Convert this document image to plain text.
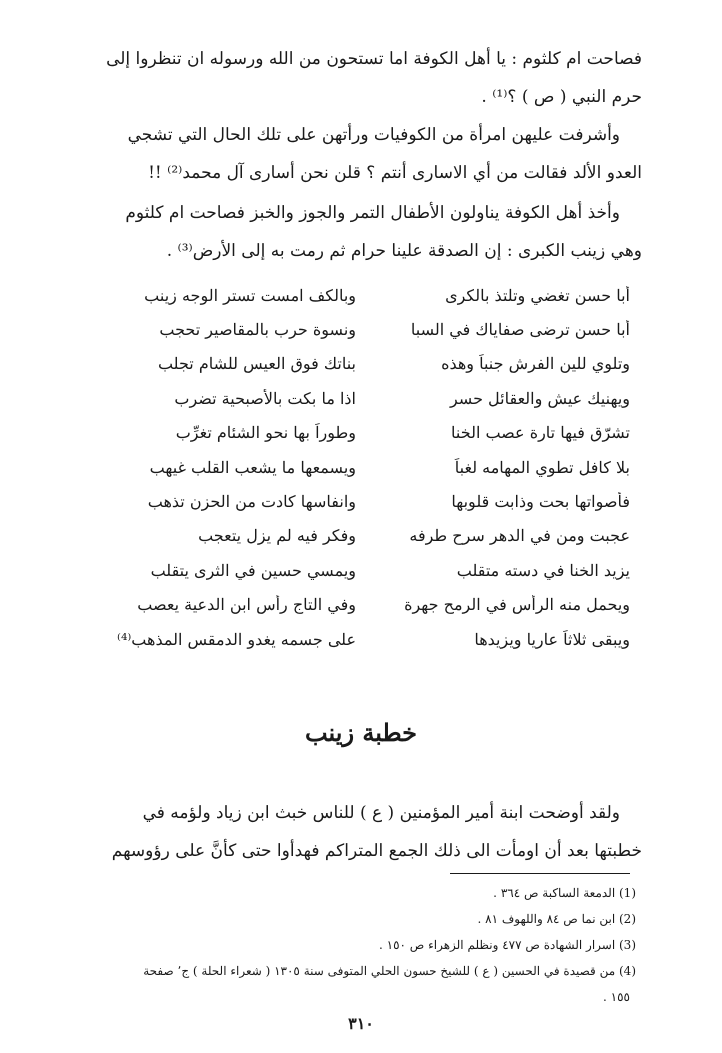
فصاحت ام كلثوم : يا أهل الكوفة اما تستحون من الله ورسوله ان تنظروا إلى
حرم النبي ( ص ) ؟⁽¹⁾ .
وأشرفت عليهن امرأة من الكوفيات ورأتهن على تلك الحال التي تشجي
العدو الألد فقالت من أي الاسارى أنتم ؟ قلن نحن أسارى آل محمد⁽²⁾ !!
وأخذ أهل الكوفة يناولون الأطفال التمر والجوز والخبز فصاحت ام كلثوم
وهي زينب الكبرى : إن الصدقة علينا حرام ثم رمت به إلى الأرض⁽³⁾ .
أبا حسن تغضي وتلتذ بالكرى
وبالكف امست تستر الوجه زينب
أبا حسن ترضى صفاياك في السبا
ونسوة حرب بالمقاصير تحجب
وتلوي للين الفرش جنباً وهذه
بناتك فوق العيس للشام تجلب
ويهنيك عيش والعقائل حسر
اذا ما بكت بالأصبحية تضرب
تشرّق فيها تارة عصب الخنا
وطوراً بها نحو الشئام تغرِّب
بلا كافل تطوي المهامه لغباً
ويسمعها ما يشعب القلب غيهب
فأصواتها بحت وذابت قلوبها
وانفاسها كادت من الحزن تذهب
عجبت ومن في الدهر سرح طرفه
وفكر فيه لم يزل يتعجب
يزيد الخنا في دسته متقلب
ويمسي حسين في الثرى يتقلب
ويحمل منه الرأس في الرمح جهرة
وفي التاج رأس ابن الدعية يعصب
ويبقى ثلاثاً عاريا ويزيدها
على جسمه يغدو الدمقس المذهب⁽⁴⁾
خطبة زينب
ولقد أوضحت ابنة أمير المؤمنين ( ع ) للناس خبث ابن زياد ولؤمه في
خطبتها بعد أن اومأت الى ذلك الجمع المتراكم فهدأوا حتى كأنَّ على رؤوسهم
(1) الدمعة الساكبة ص ٣٦٤ .
(2) ابن نما ص ٨٤ واللهوف ٨١ .
(3) اسرار الشهادة ص ٤٧٧ ونظلم الزهراء ص ١٥٠ .
(4) من قصيدة في الحسين ( ع ) للشيخ حسون الحلي المتوفى سنة ١٣٠٥ ( شعراء الحلة ) ج٬ صفحة
١٥٥ .
٣١٠
